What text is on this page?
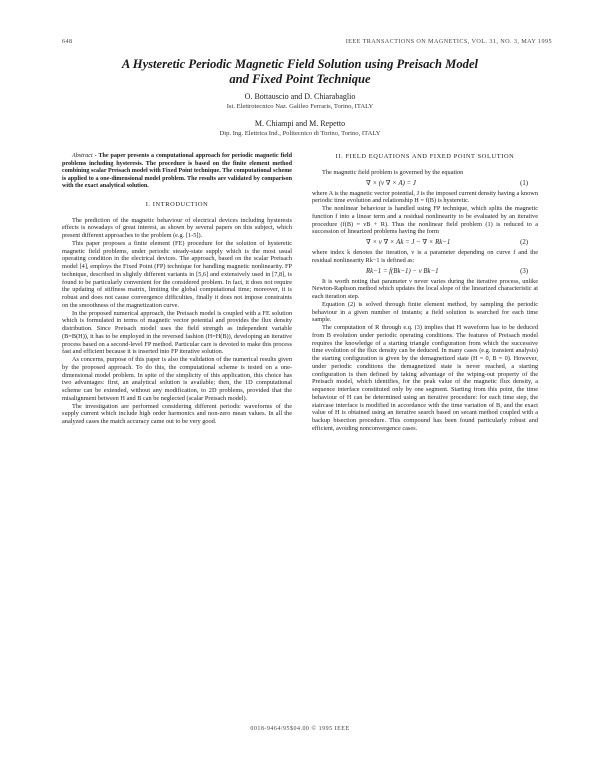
648	IEEE TRANSACTIONS ON MAGNETICS, VOL. 31, NO. 3, MAY 1995
A Hysteretic Periodic Magnetic Field Solution using Preisach Model
and Fixed Point Technique
O. Bottauscio and D. Chiarabaglio
Ist. Elettrotecnico Naz. Galileo Ferraris, Torino, ITALY
M. Chiampi and M. Repetto
Dip. Ing. Elettrica Ind., Politecnico di Torino, Torino, ITALY

Abstract - The paper presents a computational approach for periodic magnetic field problems including hysteresis. The procedure is based on the finite element method combining scalar Preisach model with Fixed Point technique. The computational scheme is applied to a one-dimensional model problem. The results are validated by comparison with the exact analytical solution.

I. INTRODUCTION

The prediction of the magnetic behaviour of electrical devices including hysteresis effects is nowadays of great interest, as shown by several papers on this subject, which present different approaches to the problem (e.g. [1-5]).

This paper proposes a finite element (FE) procedure for the solution of hysteretic magnetic field problems, under periodic steady-state supply which is the most usual operating condition in the electrical devices. The approach, based on the scalar Preisach model [4], employs the Fixed Point (FP) technique for handling magnetic nonlinearity. FP technique, described in slightly different variants in [5,6] and extensively used in [7,8], is found to be particularly convenient for the considered problem. In fact, it does not require the updating of stiffness matrix, limiting the global computational time; moreover, it is robust and does not cause convergence difficulties, finally it does not impose constraints on the smoothness of the magnetization curve.

In the proposed numerical approach, the Preisach model is coupled with a FE solution which is formulated in terms of magnetic vector potential and provides the flux density distribution. Since Preisach model uses the field strength as independent variable (B=B(H)), it has to be employed in the reversed fashion (H=H(B)), developing an iterative process based on a second-level FP method. Particular care is devoted to make this process fast and efficient because it is inserted into FP iterative solution.

As concerns, purpose of this paper is also the validation of the numerical results given by the proposed approach. To do this, the computational scheme is tested on a one-dimensional model problem. In spite of the simplicity of this application, this choice has two advantages: first, an analytical solution is available; then, the 1D computational scheme can be extended, without any modification, to 2D problems, provided that the misalignment between H and B can be neglected (scalar Preisach model).

The investigation are performed considering different periodic waveforms of the supply current which include high order harmonics and non-zero mean values. In all the analyzed cases the match accuracy came out to be very good.

II. FIELD EQUATIONS AND FIXED POINT SOLUTION

The magnetic field problem is governed by the equation

∇ × (ν ∇ × A) = J	(1)

where A is the magnetic vector potential, J is the imposed current density having a known periodic time evolution and relationship H = f(B) is hysteretic.

The nonlinear behaviour is handled using FP technique, which splits the magnetic function f into a linear term and a residual nonlinearity to be evaluated by an iterative procedure (f(B) = νB + R). Thus the nonlinear field problem (1) is reduced to a succession of linearized problems having the form

∇ × ν ∇ × Ak = J − ∇ × Rk−1	(2)

where index k denotes the iteration, ν is a parameter depending on curve f and the residual nonlinearity Rk−1 is defined as:

Rk−1 = f(Bk−1) − ν Bk−1	(3)

It is worth noting that parameter ν never varies during the iterative process, unlike Newton-Raphson method which updates the local slope of the linearized characteristic at each iteration step.

Equation (2) is solved through finite element method, by sampling the periodic behaviour in a given number of instants; a field solution is searched for each time sample.

The computation of R through e.q. (3) implies that H waveform has to be deduced from B evolution under periodic operating conditions. The features of Preisach model requires the knowledge of a starting triangle configuration from which the successive time evolution of the flux density can be deduced. In many cases (e.g. transient analysis) the starting configuration is given by the demagnetized state (H = 0, B = 0). However, under periodic conditions the demagnetized state is never reached, a starting configuration is then defined by taking advantage of the wiping-out property of the Preisach model, which identifies, for the peak value of the magnetic flux density, a sequence interface constituted only by one segment. Starting from this point, the time behaviour of H can be determined using an iterative procedure: for each time step, the staircase interface is modified in accordance with the time variation of B, and the exact value of H is obtained using an iterative search based on secant method coupled with a backup bisection procedure. This compound has been found particularly robust and efficient, avoiding nonconvergence cases.

0018-9464/95$04.00 © 1995 IEEE
